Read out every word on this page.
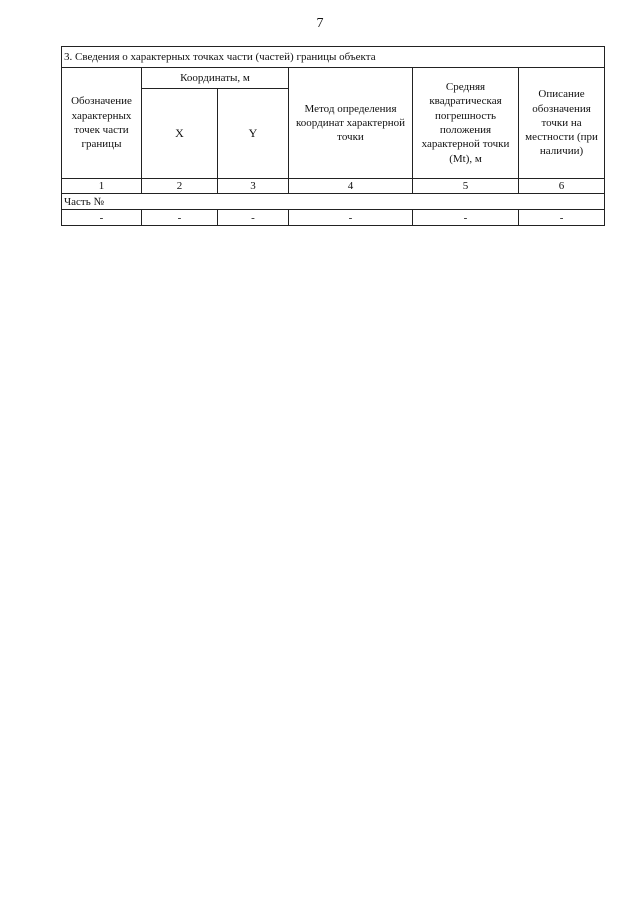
7
3. Сведения о характерных точках части (частей) границы объекта					
Обозначение характерных точек части границы	Координаты, м		Метод определения координат характерной точки	Средняя квадратическая погрешность положения характерной точки (Mt), м	Описание обозначения точки на местности (при наличии)
	X	Y			
1	2	3	4	5	6
Часть №					
-	-	-	-	-	-
